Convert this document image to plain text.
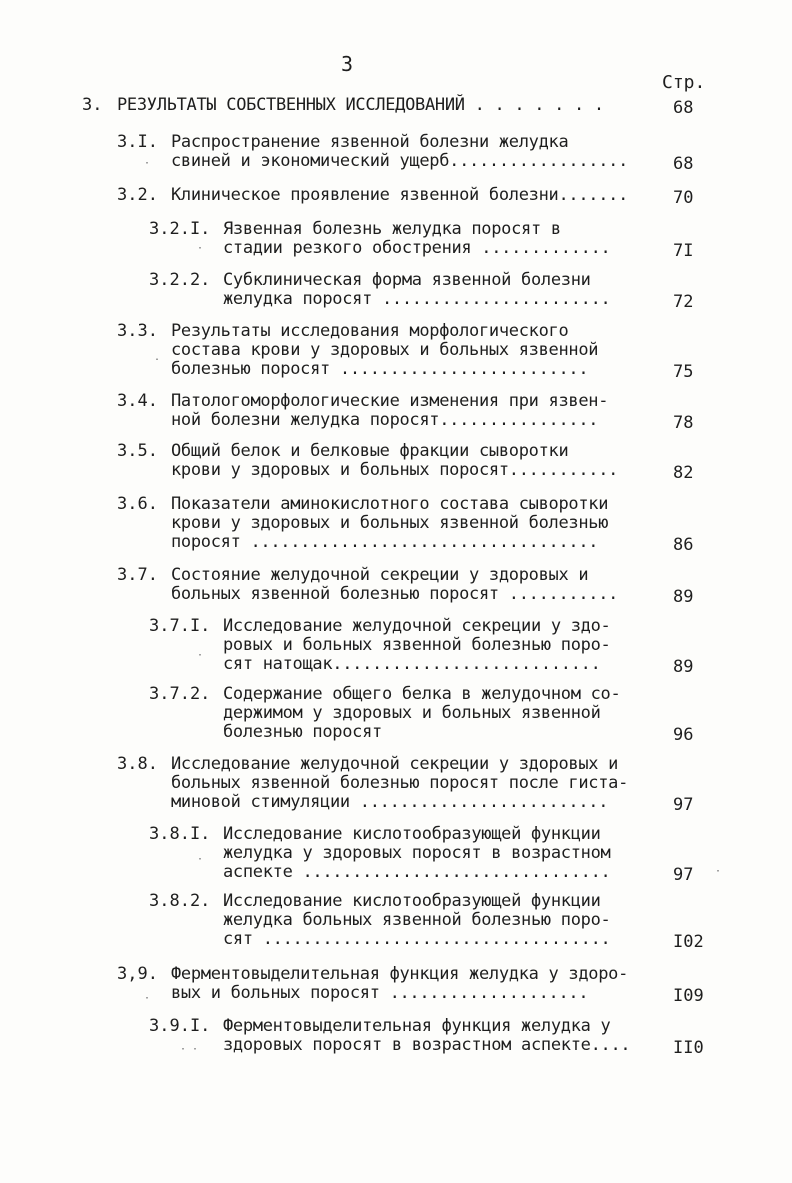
3
Стр.
3. РЕЗУЛЬТАТЫ СОБСТВЕННЫХ ИССЛЕДОВАНИЙ . . . . . . .	68
3.I. Распространение язвенной болезни желудка
свиней и экономический ущерб..................	68
3.2. Клиническое проявление язвенной болезни.......	70
3.2.I. Язвенная болезнь желудка поросят в
стадии резкого обострения .............	7I
3.2.2. Субклиническая форма язвенной болезни
желудка поросят .......................	72
3.3. Результаты исследования морфологического
состава крови у здоровых и больных язвенной
болезнью поросят .........................	75
3.4. Патологоморфологические изменения при язвен-
ной болезни желудка поросят................	78
3.5. Общий белок и белковые фракции сыворотки
крови у здоровых и больных поросят...........	82
3.6. Показатели аминокислотного состава сыворотки
крови у здоровых и больных язвенной болезнью
поросят ...................................	86
3.7. Состояние желудочной секреции у здоровых и
больных язвенной болезнью поросят ...........	89
3.7.I. Исследование желудочной секреции у здо-
ровых и больных язвенной болезнью поро-
сят натощак...........................	89
3.7.2. Содержание общего белка в желудочном со-
держимом у здоровых и больных язвенной
болезнью поросят	96
3.8. Исследование желудочной секреции у здоровых и
больных язвенной болезнью поросят после гиста-
миновой стимуляции .........................	97
3.8.I. Исследование кислотообразующей функции
желудка у здоровых поросят в возрастном
аспекте ...............................	97
3.8.2. Исследование кислотообразующей функции
желудка больных язвенной болезнью поро-
сят ...................................	I02
3,9. Ферментовыделительная функция желудка у здоро-
вых и больных поросят ....................	I09
3.9.I. Ферментовыделительная функция желудка у
здоровых поросят в возрастном аспекте....	II0
·
·
.
·
·
·
·
· ·
